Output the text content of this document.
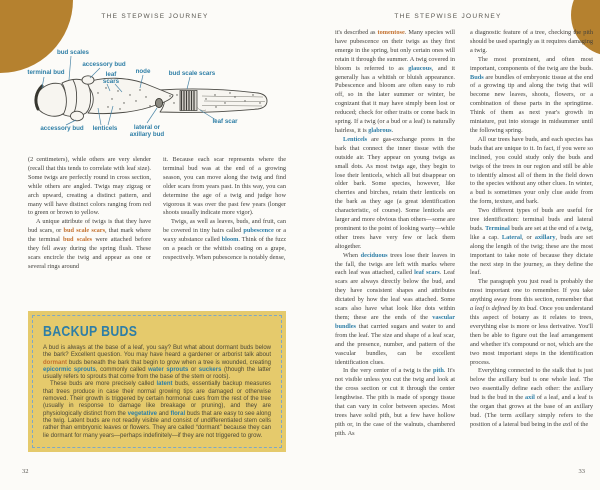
THE STEPWISE JOURNEY	THE STEPWISE JOURNEY
terminal bud
bud scales
accessory bud
leaf
scars
node	bud scale scars
leaf scar
accessory bud lenticels	lateral or
axillary bud

(2 centimeters), while others are very slender (recall that this tends to correlate with leaf size). Some twigs are perfectly round in cross section, while others are angled. Twigs may zigzag or arch upward, creating a distinct pattern, and many will have distinct colors ranging from red to green or brown to yellow.

A unique attribute of twigs is that they have bud scars, or bud scale scars, that mark where the terminal bud scales were attached before they fell away during the spring flush. These scars encircle the twig and appear as one or several rings around

it. Because each scar represents where the terminal bud was at the end of a growing season, you can move along the twig and find older scars from years past. In this way, you can determine the age of a twig and judge how vigorous it was over the past few years (longer shoots usually indicate more vigor).

Twigs, as well as leaves, buds, and fruit, can be covered in tiny hairs called pubescence or a waxy substance called bloom. Think of the fuzz on a peach or the whitish coating on a grape, respectively. When pubescence is notably dense,

BACKUP BUDS

A bud is always at the base of a leaf, you say? But what about dormant buds below the bark? Excellent question. You may have heard a gardener or arborist talk about dormant buds beneath the bark that begin to grow when a tree is wounded, creating epicormic sprouts, commonly called water sprouts or suckers (though the latter usually refers to sprouts that come from the base of the stem or roots).

These buds are more precisely called latent buds, essentially backup measures that trees produce in case their normal growing tips are damaged or otherwise removed. Their growth is triggered by certain hormonal cues from the rest of the tree (usually in response to damage like breakage or pruning), and they are physiologically distinct from the vegetative and floral buds that are easy to see along the twig. Latent buds are not readily visible and consist of undifferentiated stem cells rather than embryonic leaves or flowers. They are called “dormant” because they can lie dormant for many years—perhaps indefinitely—if they are not triggered to grow.

32

it's described as tomentose. Many species will have pubescence on their twigs as they first emerge in the spring, but only certain ones will retain it through the summer. A twig covered in bloom is referred to as glaucous, and it generally has a whitish or bluish appearance. Pubescence and bloom are often easy to rub off, so in the later summer or winter, be cognizant that it may have simply been lost or reduced; check for other traits or come back in spring. If a twig (or a bud or a leaf) is naturally hairless, it is glabrous.

Lenticels are gas-exchange pores in the bark that connect the inner tissue with the outside air. They appear on young twigs as small dots. As most twigs age, they begin to lose their lenticels, which all but disappear on older bark. Some species, however, like cherries and birches, retain their lenticels on the bark as they age (a great identification characteristic, of course). Some lenticels are larger and more obvious than others—some are prominent to the point of looking warty—while other trees have very few or lack them altogether.

When deciduous trees lose their leaves in the fall, the twigs are left with marks where each leaf was attached, called leaf scars. Leaf scars are always directly below the bud, and they have consistent shapes and attributes dictated by how the leaf was attached. Some scars also have what look like dots within them; these are the ends of the vascular bundles that carried sugars and water to and from the leaf. The size and shape of a leaf scar, and the presence, number, and pattern of the vascular bundles, can be excellent identification clues.

In the very center of a twig is the pith. It's not visible unless you cut the twig and look at the cross section or cut it through the center lengthwise. The pith is made of spongy tissue that can vary in color between species. Most trees have solid pith, but a few have hollow pith or, in the case of the walnuts, chambered pith. As

a diagnostic feature of a tree, checking the pith should be used sparingly as it requires damaging a twig.

The most prominent, and often most important, components of the twig are the buds. Buds are bundles of embryonic tissue at the end of a growing tip and along the twig that will become new leaves, shoots, flowers, or a combination of these parts in the springtime. Think of them as next year's growth in miniature, put into storage in midsummer until the following spring.

All our trees have buds, and each species has buds that are unique to it. In fact, if you were so inclined, you could study only the buds and twigs of the trees in our region and still be able to identify almost all of them in the field down to the species without any other clues. In winter, a bud is sometimes your only clue aside from the form, texture, and bark.

Two different types of buds are useful for tree identification: terminal buds and lateral buds. Terminal buds are set at the end of a twig, like a cap. Lateral, or axillary, buds are set along the length of the twig; these are the most important to take note of because they dictate the next step in the journey, as they define the leaf.

The paragraph you just read is probably the most important one to remember. If you take anything away from this section, remember that a leaf is defined by its bud. Once you understand this aspect of botany as it relates to trees, everything else is more or less derivative. You'll then be able to figure out the leaf arrangement and whether it's compound or not, which are the two most important steps in the identification process.

Everything connected to the stalk that is just below the axillary bud is one whole leaf. The two essentially define each other: the axillary bud is the bud in the axil of a leaf, and a leaf is the organ that grows at the base of an axillary bud. (The term axillary simply refers to the position of a lateral bud being in the axil of the

33
